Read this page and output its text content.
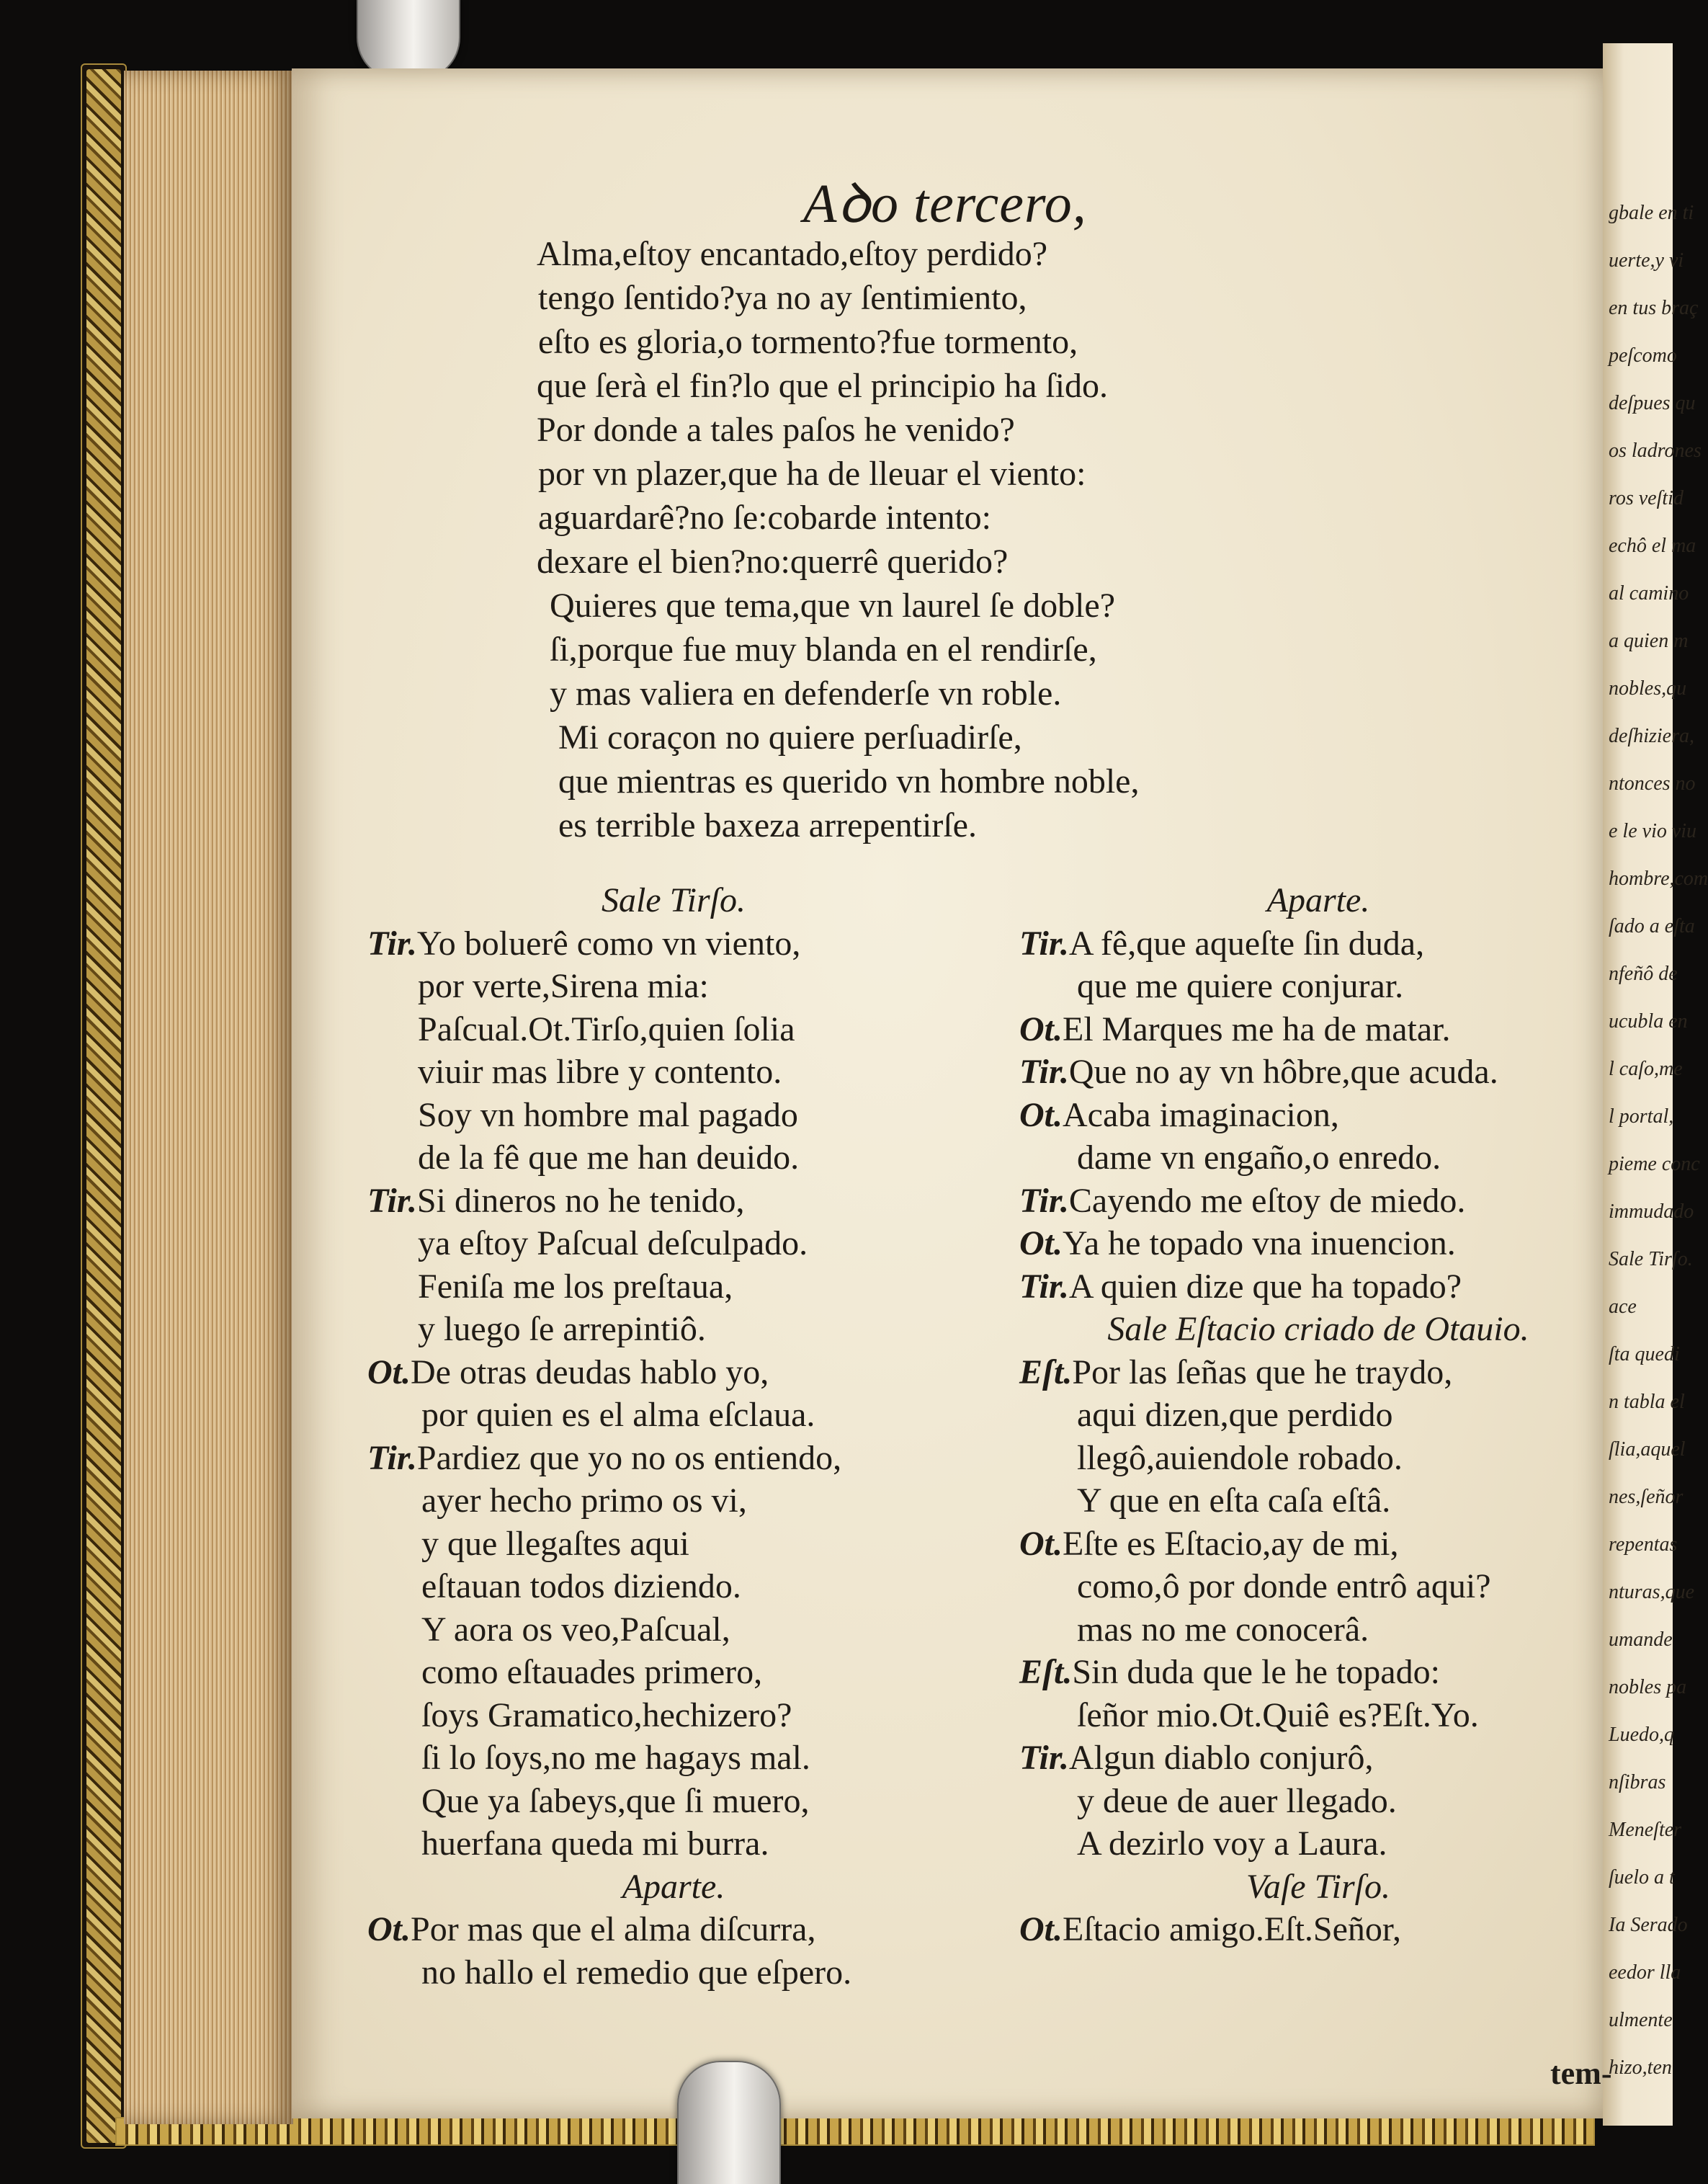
gbale en ti
uerte,y vi
en tus braç
peſcomo
deſpues qu
os ladrones
ros veſtid
echô el ma
al camino
a quien m
nobles,qu
deſhiziera,
ntonces no
e le vio viu
hombre,com
ſado a eſta
nfeñô de
ucubla en
l caſo,me
l portal,
pieme conc
immudado
Sale Tirſo.
ace
ſta quedi
n tabla el
ſlia,aquel
nes,ſeñor
repentas
nturas,que
umande
nobles pa
Luedo,q
nſibras
Meneſter
ſuelo a t
Ia Serado
eedor lla
ulmente
hizo,ten
Aꝺo tercero,
Alma,eſtoy encantado,eſtoy perdido?
tengo ſentido?ya no ay ſentimiento,
eſto es gloria,o tormento?fue tormento,
que ſerà el fin?lo que el principio ha ſido.
Por donde a tales paſos he venido?
por vn plazer,que ha de lleuar el viento:
aguardarê?no ſe:cobarde intento:
dexare el bien?no:querrê querido?
Quieres que tema,que vn laurel ſe doble?
ſi,porque fue muy blanda en el rendirſe,
y mas valiera en defenderſe vn roble.
Mi coraçon no quiere perſuadirſe,
que mientras es querido vn hombre noble,
es terrible baxeza arrepentirſe.
Sale Tirſo.
Tir.Yo boluerê como vn viento,
por verte,Sirena mia:
Paſcual.Ot.Tirſo,quien ſolia
viuir mas libre y contento.
Soy vn hombre mal pagado
de la fê que me han deuido.
Tir.Si dineros no he tenido,
ya eſtoy Paſcual deſculpado.
Feniſa me los preſtaua,
y luego ſe arrepintiô.
Ot.De otras deudas hablo yo,
por quien es el alma eſclaua.
Tir.Pardiez que yo no os entiendo,
ayer hecho primo os vi,
y que llegaſtes aqui
eſtauan todos diziendo.
Y aora os veo,Paſcual,
como eſtauades primero,
ſoys Gramatico,hechizero?
ſi lo ſoys,no me hagays mal.
Que ya ſabeys,que ſi muero,
huerfana queda mi burra.
Aparte.
Ot.Por mas que el alma diſcurra,
no hallo el remedio que eſpero.
Aparte.
Tir.A fê,que aqueſte ſin duda,
que me quiere conjurar.
Ot.El Marques me ha de matar.
Tir.Que no ay vn hôbre,que acuda.
Ot.Acaba imaginacion,
dame vn engaño,o enredo.
Tir.Cayendo me eſtoy de miedo.
Ot.Ya he topado vna inuencion.
Tir.A quien dize que ha topado?
Sale Eſtacio criado de Otauio.
Eſt.Por las ſeñas que he traydo,
aqui dizen,que perdido
llegô,auiendole robado.
Y que en eſta caſa eſtâ.
Ot.Eſte es Eſtacio,ay de mi,
como,ô por donde entrô aqui?
mas no me conocerâ.
Eſt.Sin duda que le he topado:
ſeñor mio.Ot.Quiê es?Eſt.Yo.
Tir.Algun diablo conjurô,
y deue de auer llegado.
A dezirlo voy a Laura.
Vaſe Tirſo.
Ot.Eſtacio amigo.Eſt.Señor,
tem-
